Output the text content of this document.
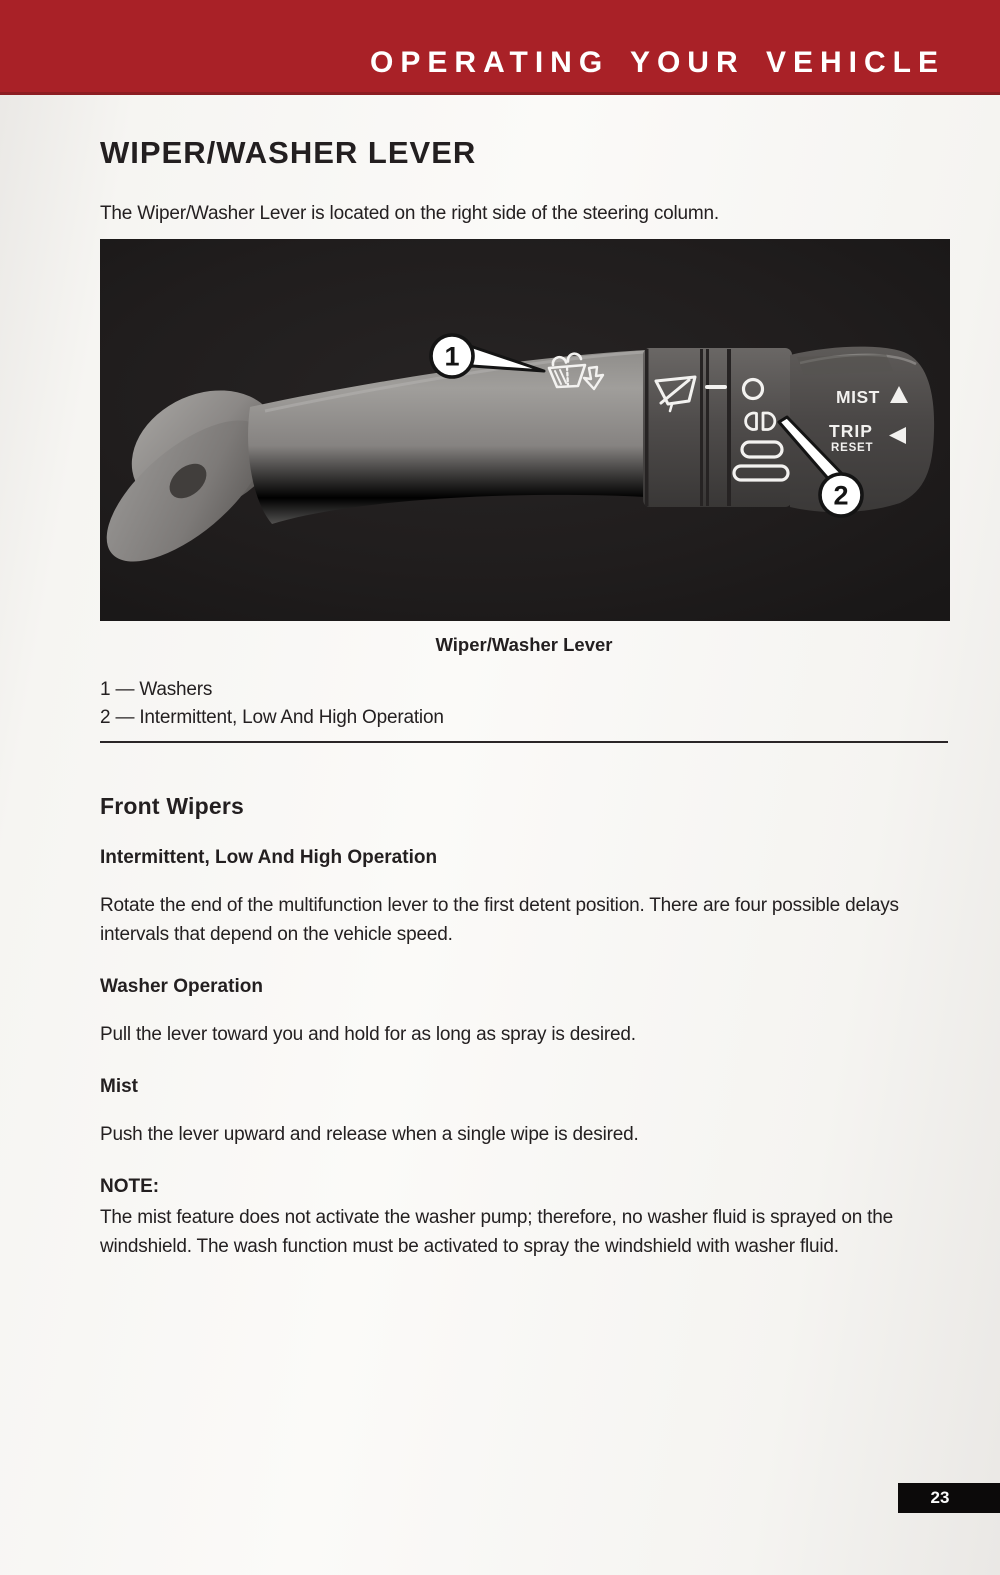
OPERATING YOUR VEHICLE
WIPER/WASHER LEVER

The Wiper/Washer Lever is located on the right side of the steering column.

MIST
TRIP
RESET
1
2
Wiper/Washer Lever
1 — Washers
2 — Intermittent, Low And High Operation
Front Wipers
Intermittent, Low And High Operation

Rotate the end of the multifunction lever to the first detent position. There are four possible delays intervals that depend on the vehicle speed.

Washer Operation

Pull the lever toward you and hold for as long as spray is desired.

Mist

Push the lever upward and release when a single wipe is desired.

NOTE:

The mist feature does not activate the washer pump; therefore, no washer fluid is sprayed on the windshield. The wash function must be activated to spray the windshield with washer fluid.

23
